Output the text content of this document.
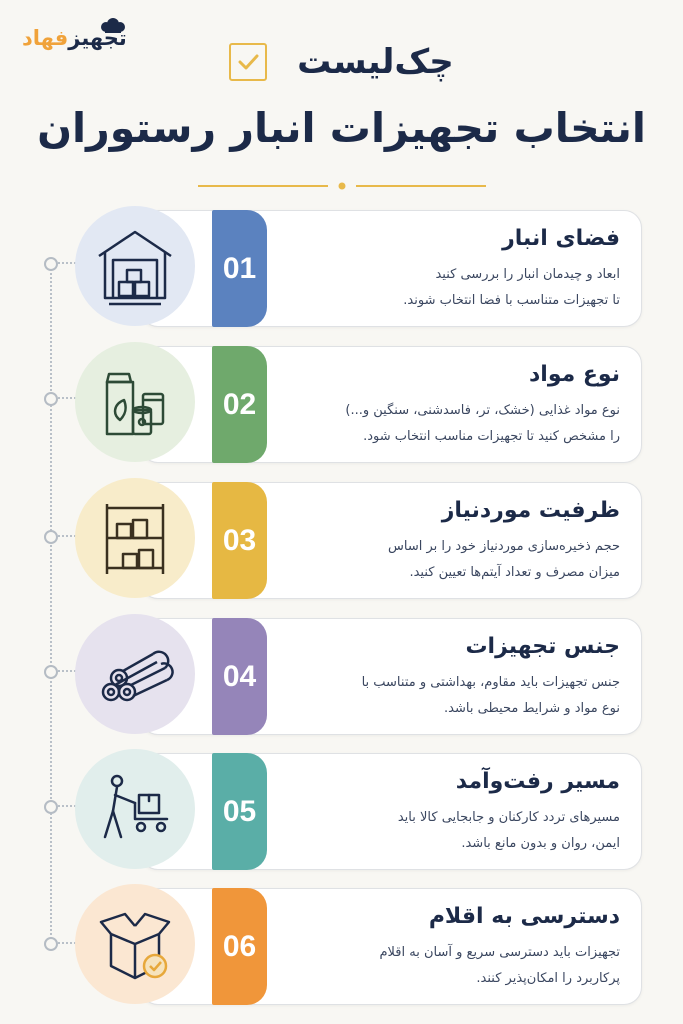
تجهیزفهاد
چک‌لیست
انتخاب تجهیزات انبار رستوران
01
فضای انبار
ابعاد و چیدمان انبار را بررسی کنید
تا تجهیزات متناسب با فضا انتخاب شوند.
02
نوع مواد
نوع مواد غذایی (خشک، تر، فاسدشنی، سنگین و...)
را مشخص کنید تا تجهیزات مناسب انتخاب شود.
03
ظرفیت موردنیاز
حجم ذخیره‌سازی موردنیاز خود را بر اساس
میزان مصرف و تعداد آیتم‌ها تعیین کنید.
04
جنس تجهیزات
جنس تجهیزات باید مقاوم، بهداشتی و متناسب با
نوع مواد و شرایط محیطی باشد.
05
مسیر رفت‌وآمد
مسیرهای تردد کارکنان و جابجایی کالا باید
ایمن، روان و بدون مانع باشد.
06
دسترسی به اقلام
تجهیزات باید دسترسی سریع و آسان به اقلام
پرکاربرد را امکان‌پذیر کنند.
